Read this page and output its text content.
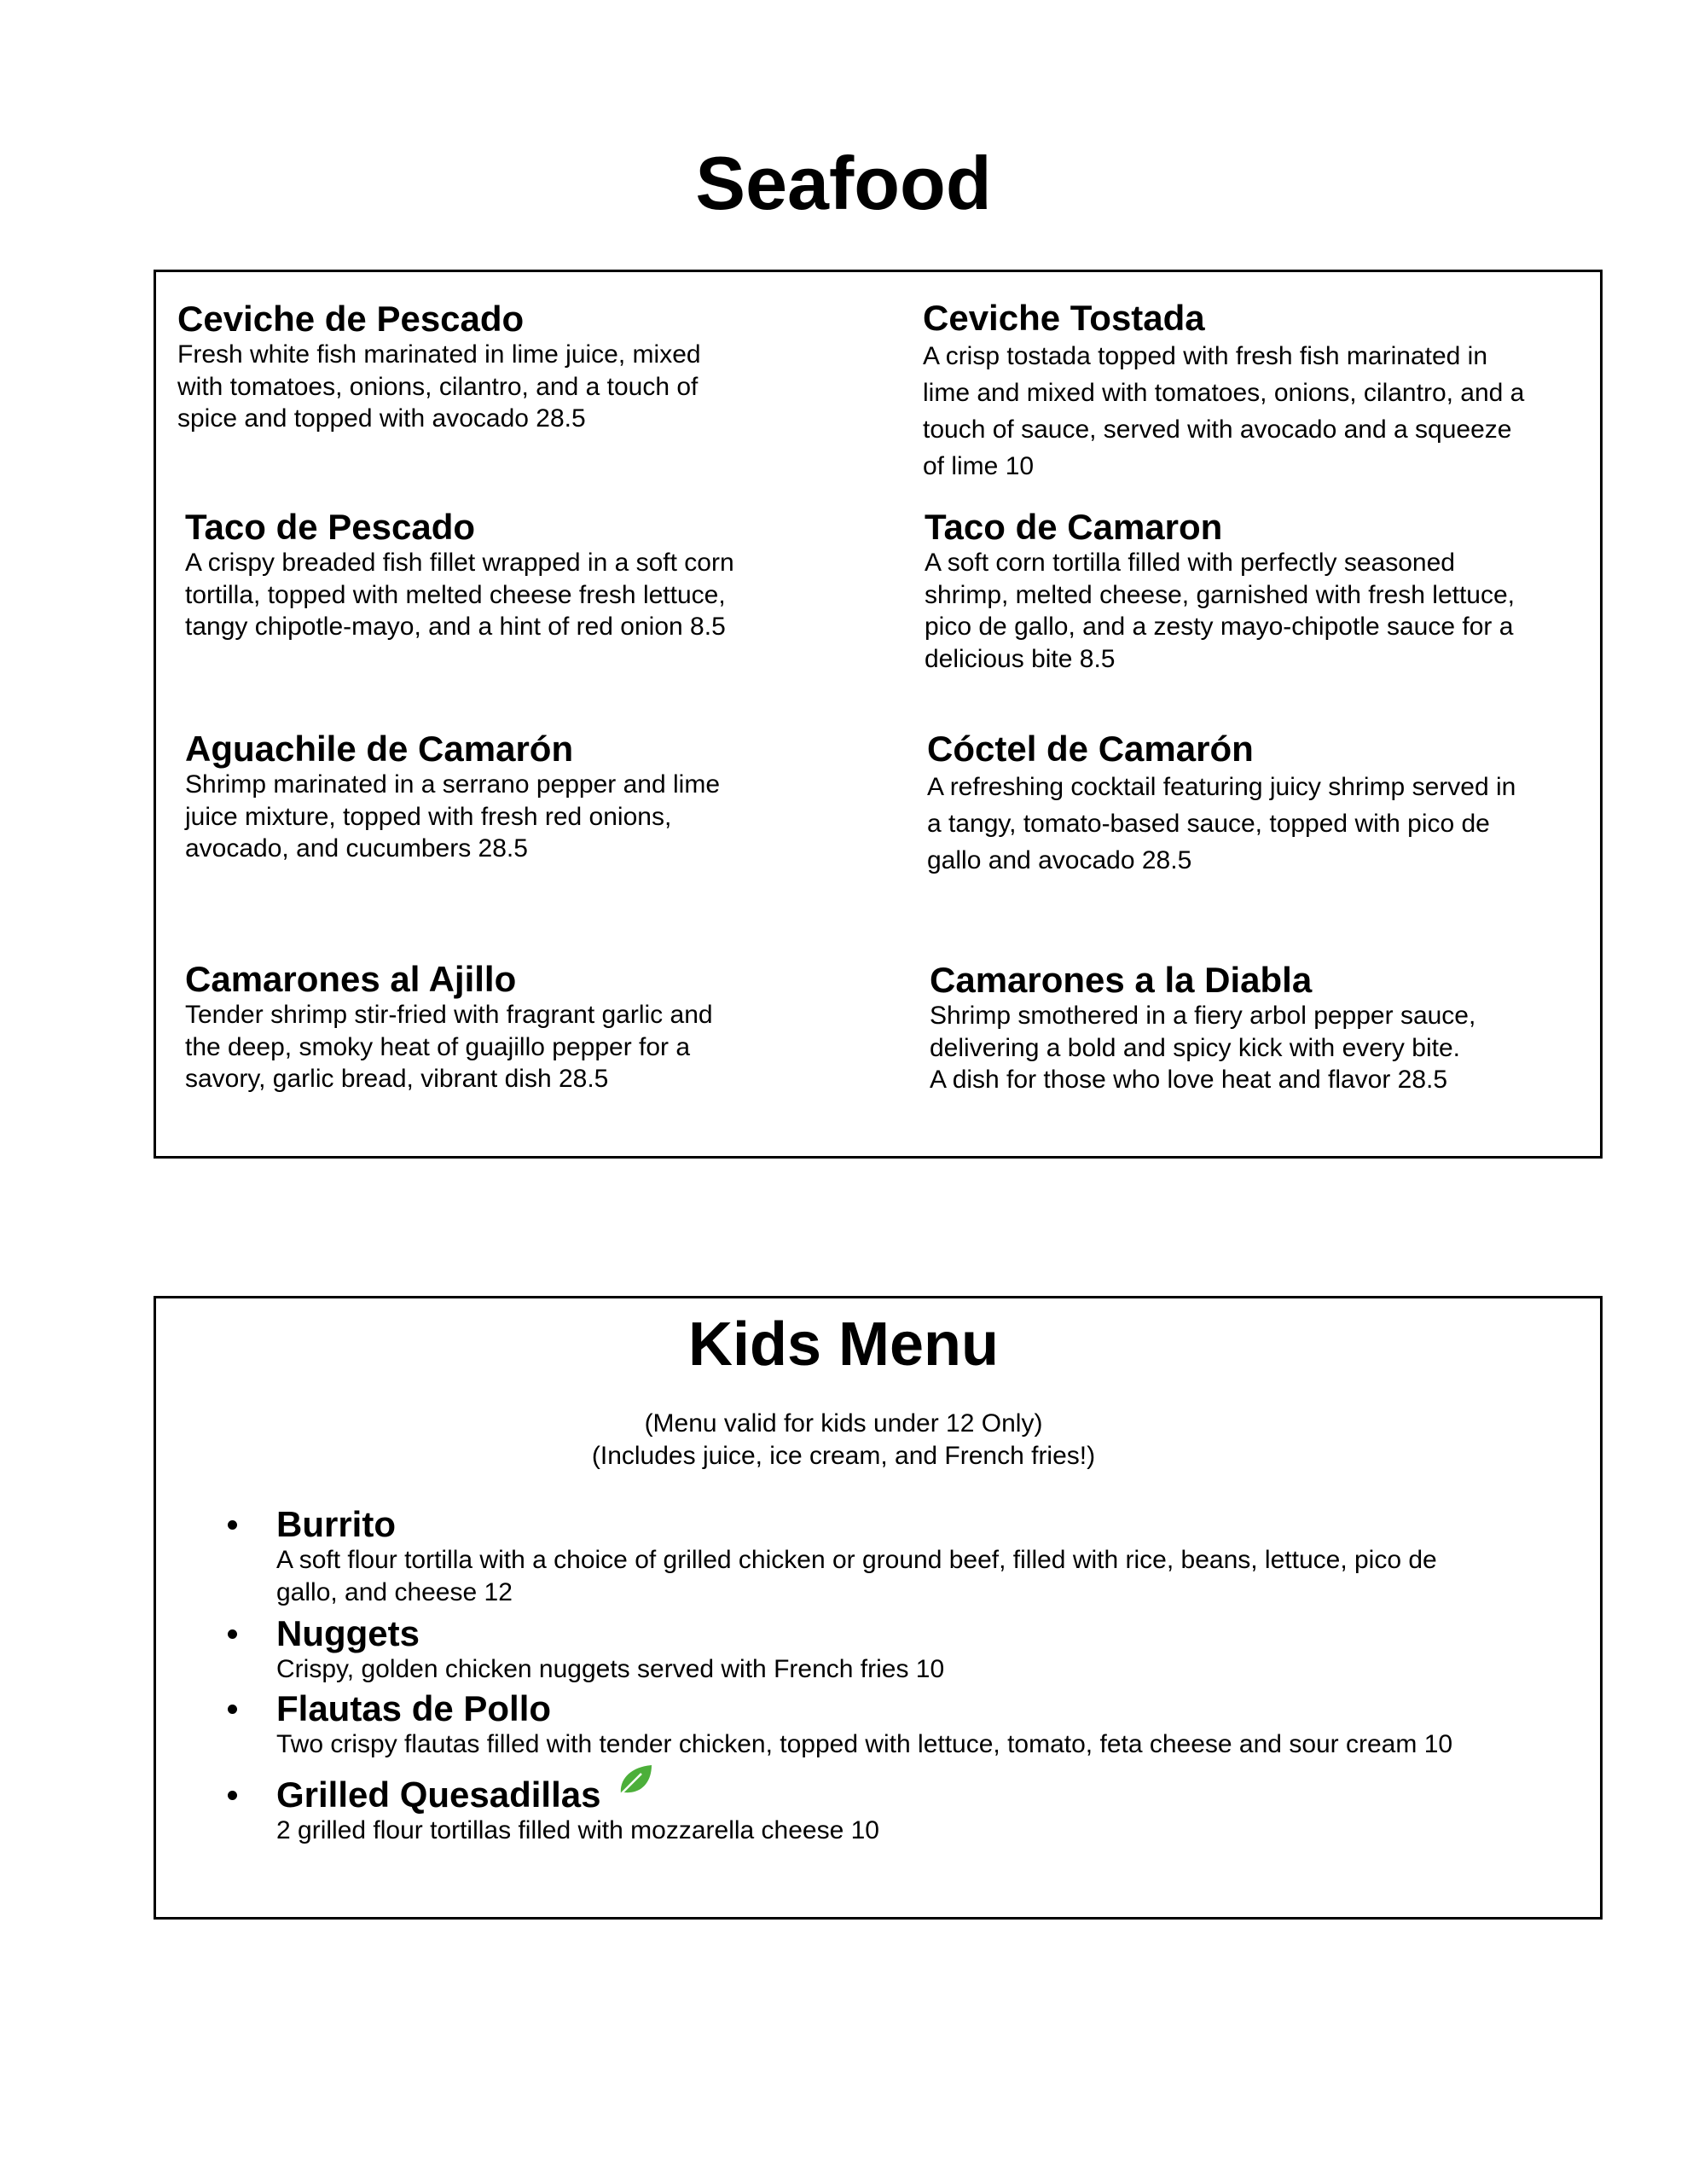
Seafood
Ceviche de Pescado
Fresh white fish marinated in lime juice, mixed
with tomatoes, onions, cilantro, and a touch of
spice and topped with avocado 28.5
Ceviche Tostada
A crisp tostada topped with fresh fish marinated in
lime and mixed with tomatoes, onions, cilantro, and a
touch of sauce, served with avocado and a squeeze
of lime 10
Taco de Pescado
A crispy breaded fish fillet wrapped in a soft corn
tortilla, topped with melted cheese fresh lettuce,
tangy chipotle-mayo, and a hint of red onion 8.5
Taco de Camaron
A soft corn tortilla filled with perfectly seasoned
shrimp, melted cheese, garnished with fresh lettuce,
pico de gallo, and a zesty mayo-chipotle sauce for a
delicious bite 8.5
Aguachile de Camarón
Shrimp marinated in a serrano pepper and lime
juice mixture, topped with fresh red onions,
avocado, and cucumbers 28.5
Cóctel de Camarón
A refreshing cocktail featuring juicy shrimp served in
a tangy, tomato-based sauce, topped with pico de
gallo and avocado 28.5
Camarones al Ajillo
Tender shrimp stir-fried with fragrant garlic and
the deep, smoky heat of guajillo pepper for a
savory, garlic bread, vibrant dish 28.5
Camarones a la Diabla
Shrimp smothered in a fiery arbol pepper sauce,
delivering a bold and spicy kick with every bite.
A dish for those who love heat and flavor 28.5
Kids Menu
(Menu valid for kids under 12 Only)
(Includes juice, ice cream, and French fries!)
Burrito
A soft flour tortilla with a choice of grilled chicken or ground beef, filled with rice, beans, lettuce, pico de
gallo, and cheese 12
Nuggets
Crispy, golden chicken nuggets served with French fries 10
Flautas de Pollo
Two crispy flautas filled with tender chicken, topped with lettuce, tomato, feta cheese and sour cream 10
Grilled Quesadillas
2 grilled flour tortillas filled with mozzarella cheese 10
